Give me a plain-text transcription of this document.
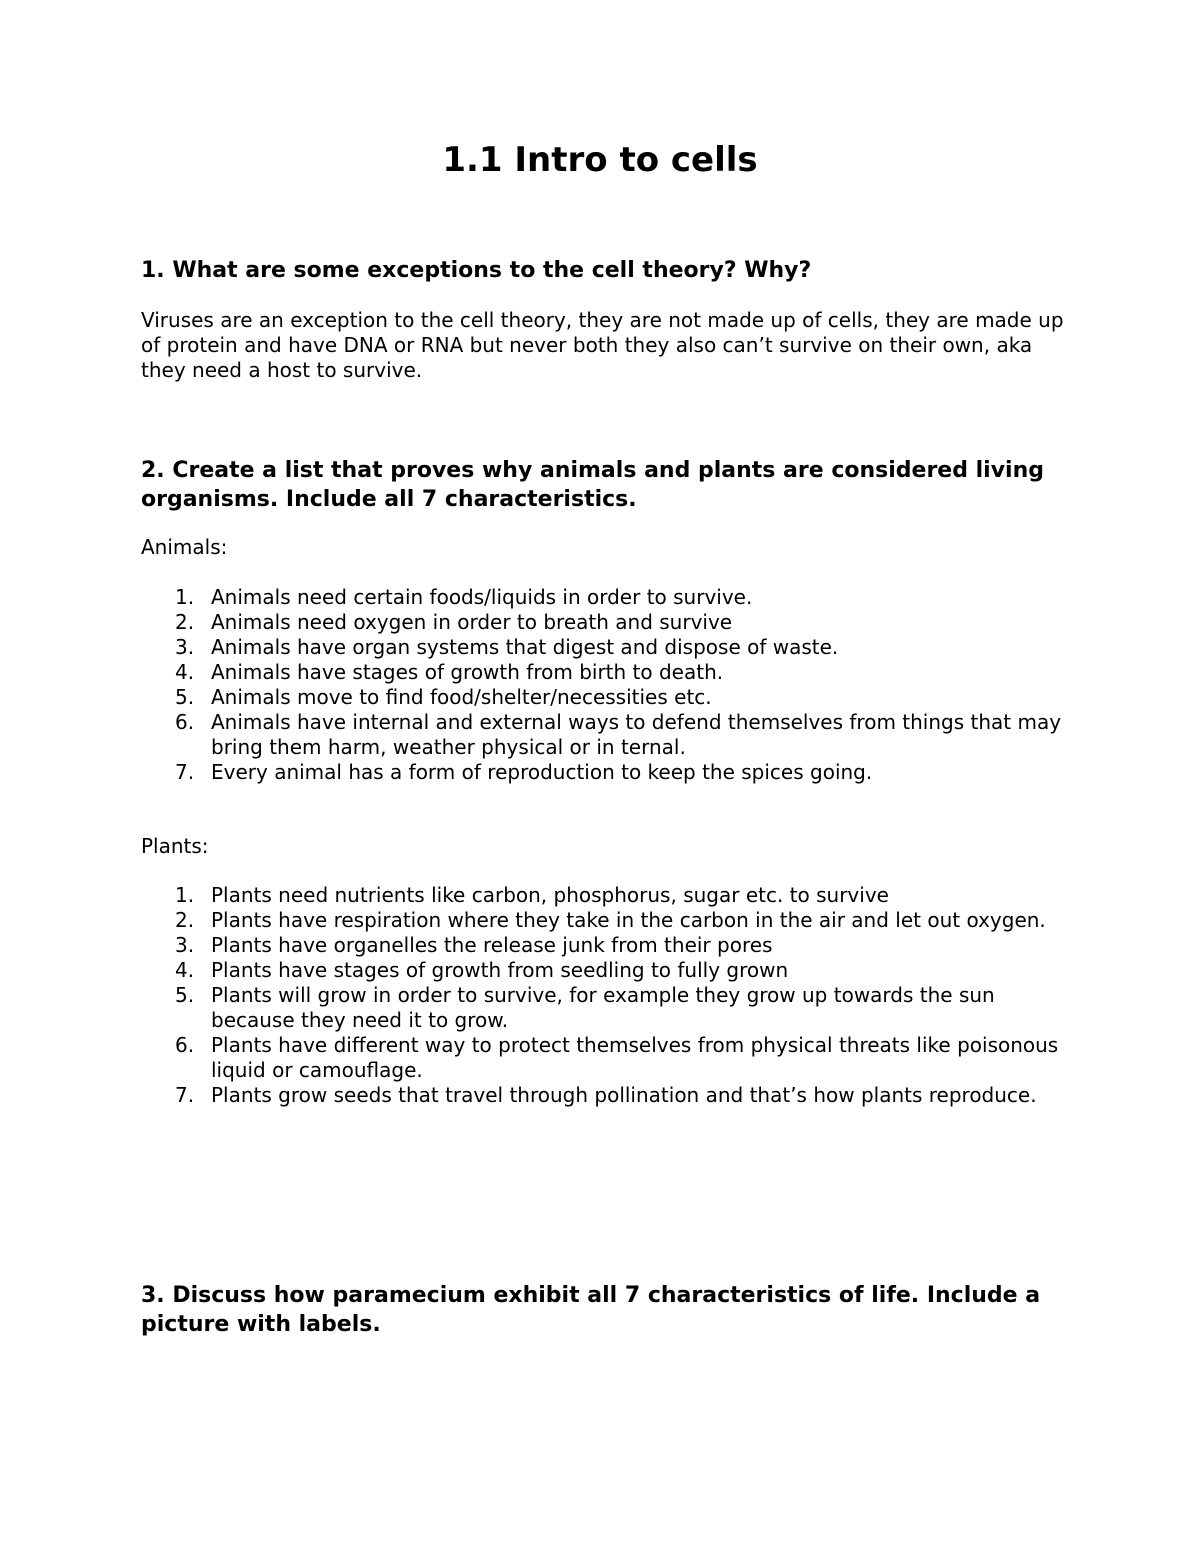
1.1 Intro to cells

1. What are some exceptions to the cell theory? Why?

Viruses are an exception to the cell theory, they are not made up of cells, they are made up of protein and have DNA or RNA but never both they also can’t survive on their own, aka they need a host to survive.

2. Create a list that proves why animals and plants are considered living organisms. Include all 7 characteristics.

Animals:

1. Animals need certain foods/liquids in order to survive.
2. Animals need oxygen in order to breath and survive
3. Animals have organ systems that digest and dispose of waste.
4. Animals have stages of growth from birth to death.
5. Animals move to find food/shelter/necessities etc.
6. Animals have internal and external ways to defend themselves from things that may bring them harm, weather physical or in ternal.
7. Every animal has a form of reproduction to keep the spices going.

Plants:

1. Plants need nutrients like carbon, phosphorus, sugar etc. to survive
2. Plants have respiration where they take in the carbon in the air and let out oxygen.
3. Plants have organelles the release junk from their pores
4. Plants have stages of growth from seedling to fully grown
5. Plants will grow in order to survive, for example they grow up towards the sun because they need it to grow.
6. Plants have different way to protect themselves from physical threats like poisonous liquid or camouflage.
7. Plants grow seeds that travel through pollination and that’s how plants reproduce.

3. Discuss how paramecium exhibit all 7 characteristics of life. Include a picture with labels.
